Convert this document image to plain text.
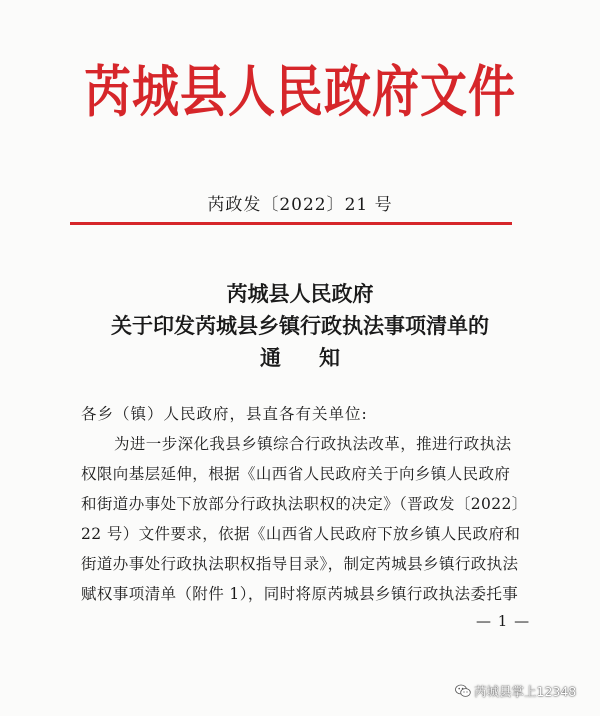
芮城县人民政府文件
芮政发〔2022〕21 号
芮城县人民政府
关于印发芮城县乡镇行政执法事项清单的
通知
各乡（镇）人民政府，县直各有关单位:
为进一步深化我县乡镇综合行政执法改革，推进行政执法
权限向基层延伸，根据《山西省人民政府关于向乡镇人民政府
和街道办事处下放部分行政执法职权的决定》（晋政发〔2022〕
22 号）文件要求，依据《山西省人民政府下放乡镇人民政府和
街道办事处行政执法职权指导目录》，制定芮城县乡镇行政执法
赋权事项清单（附件 1），同时将原芮城县乡镇行政执法委托事
— 1 —
芮城县掌上12348
